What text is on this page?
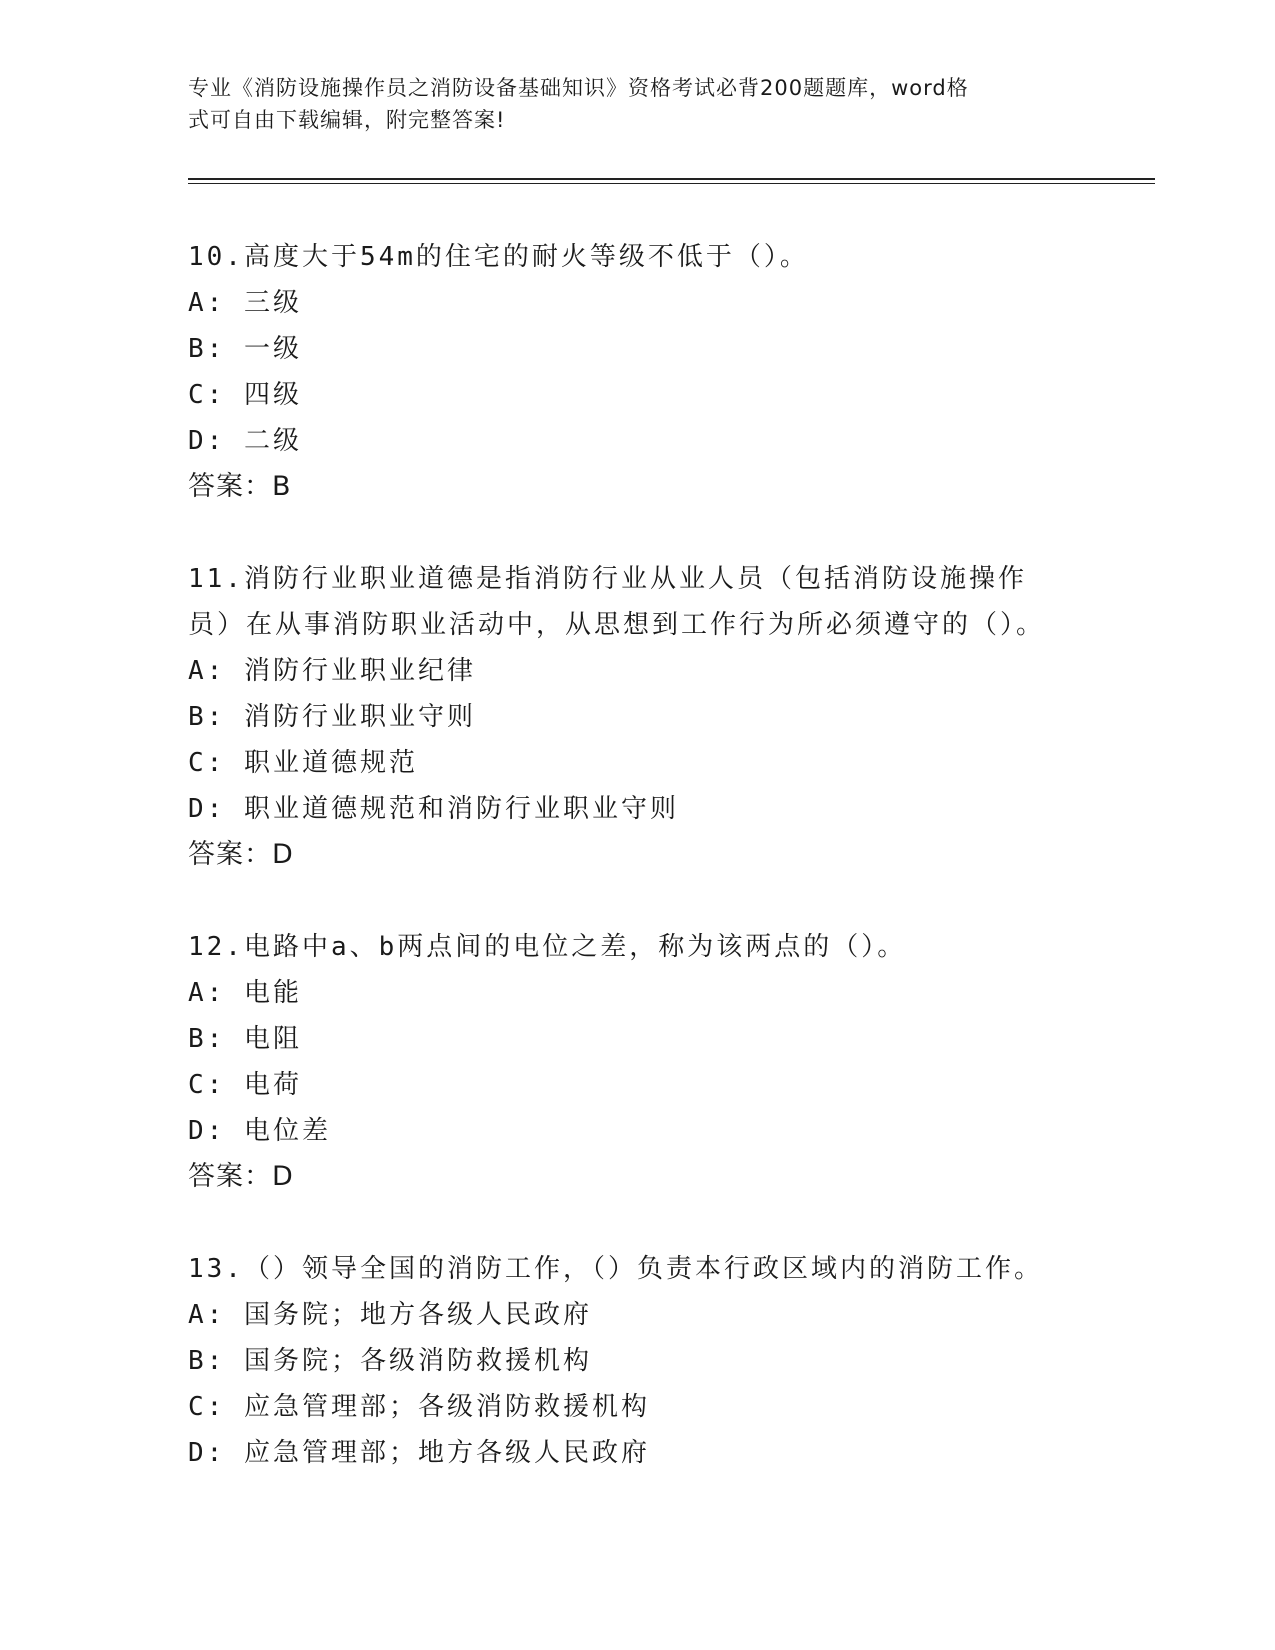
专业《消防设施操作员之消防设备基础知识》资格考试必背200题题库，word格
式可自由下载编辑，附完整答案!
10.高度大于54m的住宅的耐火等级不低于（）。
A: 三级
B: 一级
C: 四级
D: 二级
答案：B
11.消防行业职业道德是指消防行业从业人员（包括消防设施操作员）在从事消防职业活动中，从思想到工作行为所必须遵守的（）。
A: 消防行业职业纪律
B: 消防行业职业守则
C: 职业道德规范
D: 职业道德规范和消防行业职业守则
答案：D
12.电路中a、b两点间的电位之差，称为该两点的（）。
A: 电能
B: 电阻
C: 电荷
D: 电位差
答案：D
13.（）领导全国的消防工作，（）负责本行政区域内的消防工作。
A: 国务院；地方各级人民政府
B: 国务院；各级消防救援机构
C: 应急管理部；各级消防救援机构
D: 应急管理部；地方各级人民政府
